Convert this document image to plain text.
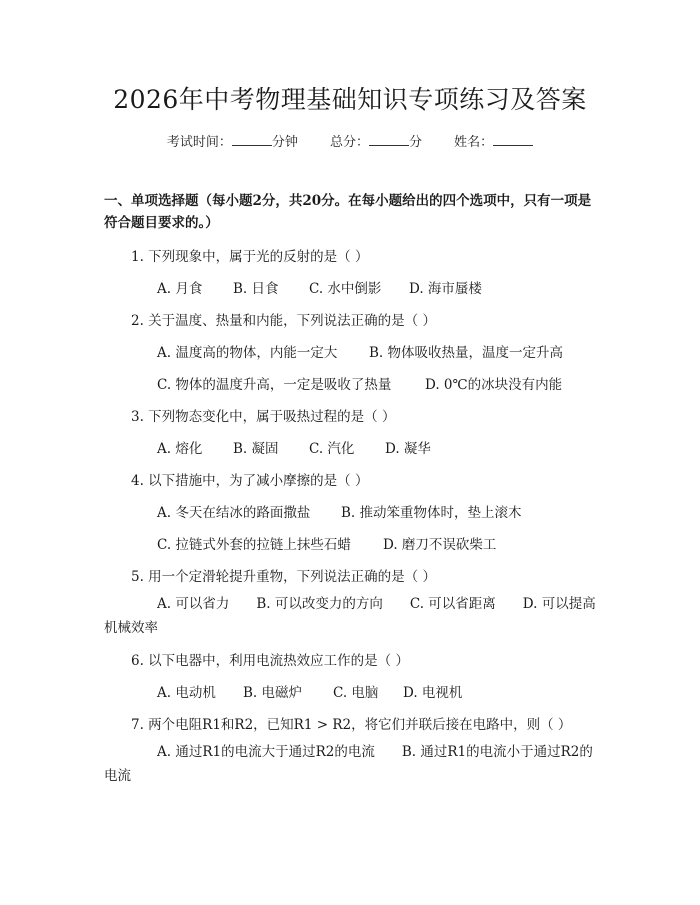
2026年中考物理基础知识专项练习及答案
考试时间：	分钟 总分：	分 姓名：
一、单项选择题（每小题2分，共20分。在每小题给出的四个选项中，只有一项是符合题目要求的。）
1. 下列现象中，属于光的反射的是（ ）
A. 月食 B. 日食 C. 水中倒影 D. 海市蜃楼
2. 关于温度、热量和内能，下列说法正确的是（ ）
A. 温度高的物体，内能一定大 B. 物体吸收热量，温度一定升高
C. 物体的温度升高，一定是吸收了热量 D. 0℃的冰块没有内能
3. 下列物态变化中，属于吸热过程的是（ ）
A. 熔化 B. 凝固 C. 汽化 D. 凝华
4. 以下措施中，为了减小摩擦的是（ ）
A. 冬天在结冰的路面撒盐 B. 推动笨重物体时，垫上滚木
C. 拉链式外套的拉链上抹些石蜡 D. 磨刀不误砍柴工
5. 用一个定滑轮提升重物，下列说法正确的是（ ）
A. 可以省力　　 B. 可以改变力的方向　　 C. 可以省距离　　 D. 可以提高机械效率
6. 以下电器中，利用电流热效应工作的是（ ）
A. 电动机 B. 电磁炉 C. 电脑 D. 电视机
7. 两个电阻R1和R2，已知R1 > R2，将它们并联后接在电路中，则（ ）
A. 通过R1的电流大于通过R2的电流　　 B. 通过R1的电流小于通过R2的电流
